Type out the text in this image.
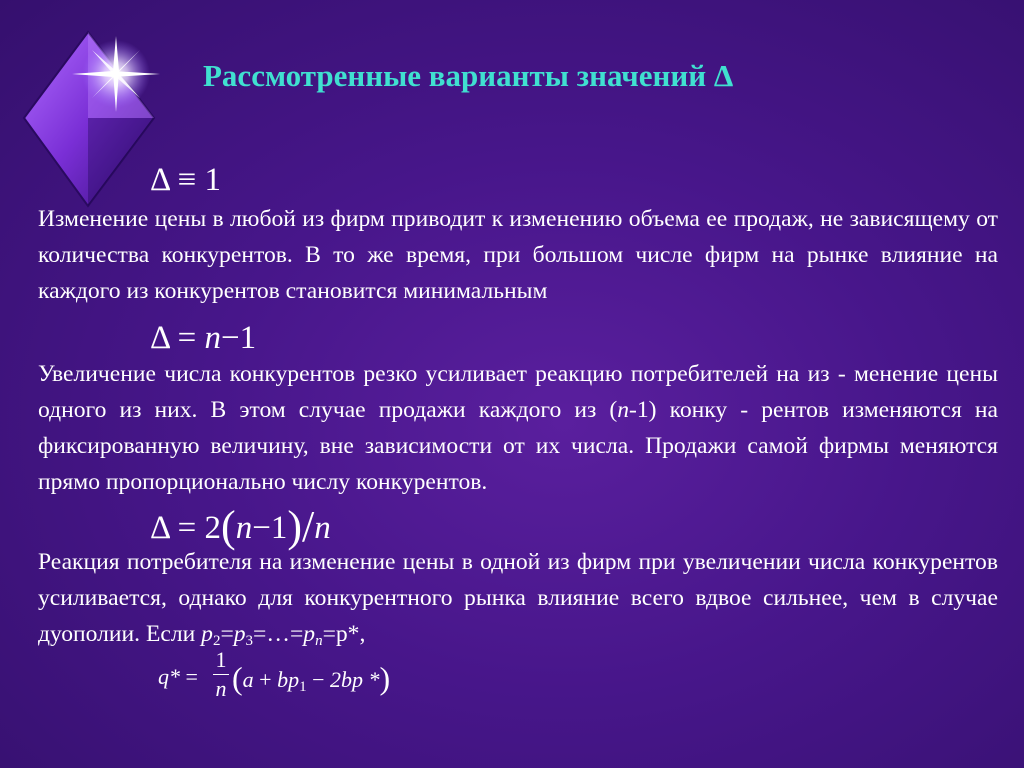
Рассмотренные варианты значений Δ
Δ ≡ 1
Изменение цены в любой из фирм приводит к изменению объема ее продаж, не зависящему от количества конкурентов. В то же время, при большом числе фирм на рынке влияние на каждого из конкурентов становится минимальным
Δ = n−1
Увеличение числа конкурентов резко усиливает реакцию потребителей на из - менение цены одного из них. В этом случае продажи каждого из (n-1) конку - рентов изменяются на фиксированную величину, вне зависимости от их числа. Продажи самой фирмы меняются прямо пропорционально числу конкурентов.
Δ = 2(n−1)/n
Реакция потребителя на изменение цены в одной из фирм при увеличении числа конкурентов усиливается, однако для конкурентного рынка влияние всего вдвое сильнее, чем в случае дуополии. Если $p_2=p_3=\dots=p_n=р*$,
q* =
1
n ($a + bp_1 - 2bp$ *)
